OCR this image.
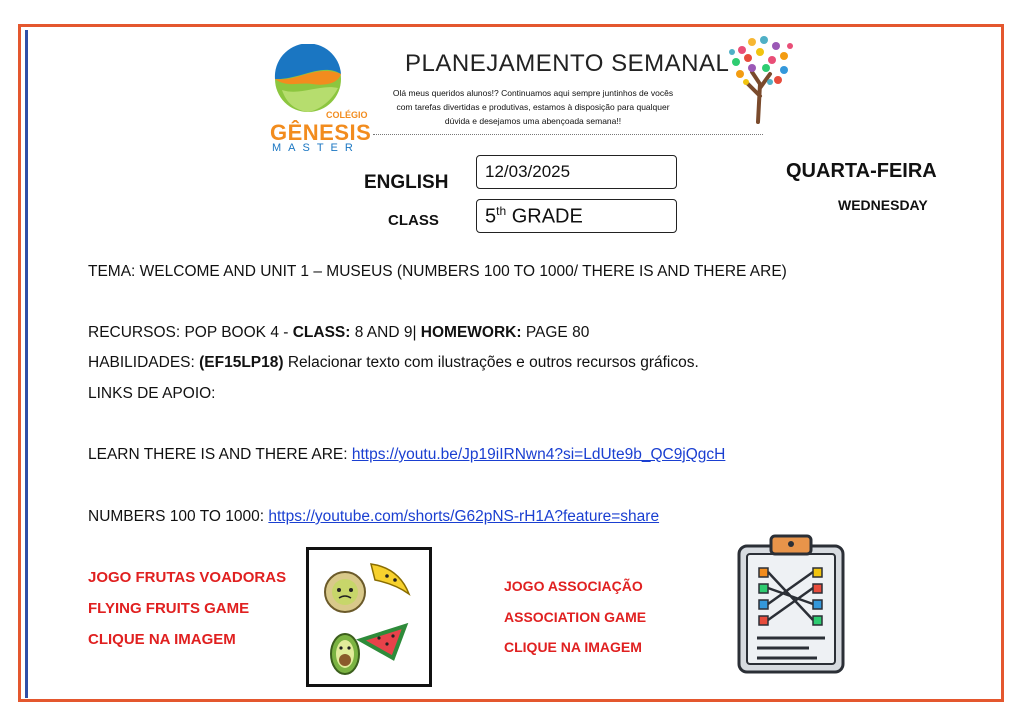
COLÉGIO
GÊNESIS
MASTER
PLANEJAMENTO SEMANAL
Olá meus queridos alunos!? Continuamos aqui sempre juntinhos de vocês
com tarefas divertidas e produtivas, estamos à disposição para qualquer
dúvida e desejamos uma abençoada semana!!
ENGLISH
CLASS
12/03/2025
5th GRADE
QUARTA-FEIRA
WEDNESDAY
TEMA: WELCOME AND UNIT 1 – MUSEUS (NUMBERS 100 TO 1000/ THERE IS AND THERE ARE)
RECURSOS: POP BOOK 4 - CLASS: 8 AND 9| HOMEWORK: PAGE 80
HABILIDADES: (EF15LP18) Relacionar texto com ilustrações e outros recursos gráficos.
LINKS DE APOIO:
LEARN THERE IS AND THERE ARE: https://youtu.be/Jp19iIRNwn4?si=LdUte9b_QC9jQgcH
NUMBERS 100 TO 1000: https://youtube.com/shorts/G62pNS-rH1A?feature=share
JOGO FRUTAS VOADORAS
FLYING FRUITS GAME
CLIQUE NA IMAGEM
JOGO ASSOCIAÇÃO
ASSOCIATION GAME
CLIQUE NA IMAGEM
